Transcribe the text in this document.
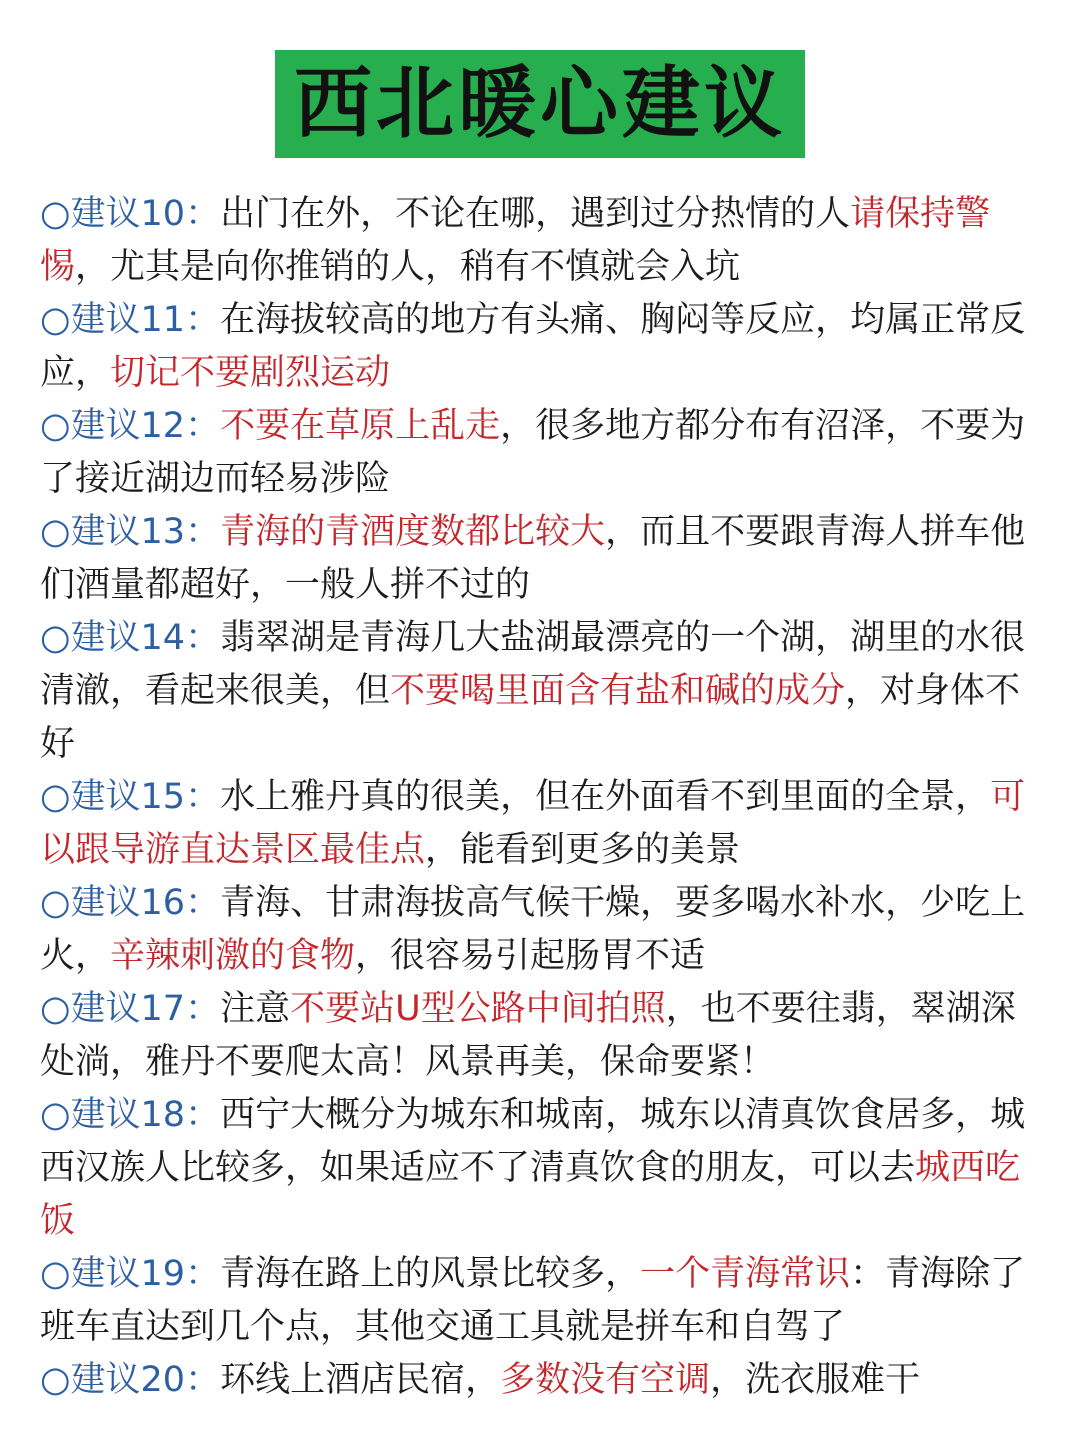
西北暖心建议

○建议10：出门在外，不论在哪，遇到过分热情的人请保持警惕，尤其是向你推销的人，稍有不慎就会入坑

○建议11：在海拔较高的地方有头痛、胸闷等反应，均属正常反应，切记不要剧烈运动

○建议12：不要在草原上乱走，很多地方都分布有沼泽，不要为了接近湖边而轻易涉险

○建议13：青海的青酒度数都比较大，而且不要跟青海人拼车他们酒量都超好，一般人拼不过的

○建议14：翡翠湖是青海几大盐湖最漂亮的一个湖，湖里的水很清澈，看起来很美，但不要喝里面含有盐和碱的成分，对身体不好

○建议15：水上雅丹真的很美，但在外面看不到里面的全景，可以跟导游直达景区最佳点，能看到更多的美景

○建议16：青海、甘肃海拔高气候干燥，要多喝水补水，少吃上火，辛辣刺激的食物，很容易引起肠胃不适

○建议17：注意不要站U型公路中间拍照，也不要往翡，翠湖深处淌，雅丹不要爬太高！风景再美，保命要紧！

○建议18：西宁大概分为城东和城南，城东以清真饮食居多，城西汉族人比较多，如果适应不了清真饮食的朋友，可以去城西吃饭

○建议19：青海在路上的风景比较多，一个青海常识：青海除了班车直达到几个点，其他交通工具就是拼车和自驾了

○建议20：环线上酒店民宿，多数没有空调，洗衣服难干
